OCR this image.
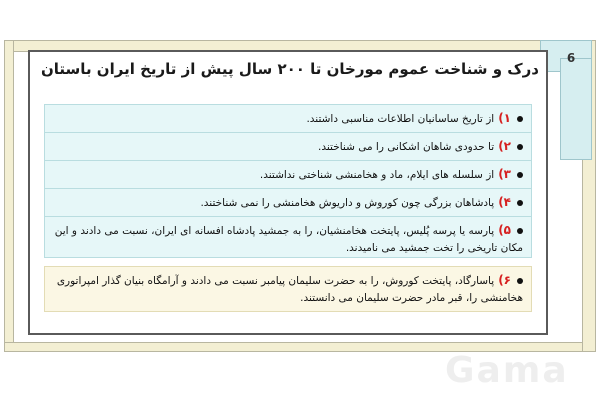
6
درک و شناخت عموم مورخان تا ۲۰۰ سال پیش از تاریخ ایران باستان
۱)از تاریخ ساسانیان اطلاعات مناسبی داشتند.
۲)تا حدودی شاهان اشکانی را می شناختند.
۳)از سلسله های ایلام، ماد و هخامنشی شناختی نداشتند.
۴)پادشاهان بزرگی چون کوروش و داریوش هخامنشی را نمی شناختند.
۵)پارسه یا پرسه پُلیس، پایتخت هخامنشیان، را به جمشید پادشاه افسانه ای ایران، نسبت می دادند و این مکان تاریخی را تخت جمشید می نامیدند.
۶)پاسارگاد، پایتخت کوروش، را به حضرت سلیمان پیامبر نسبت می دادند و آرامگاه بنیان گذار امپراتوری هخامنشی را، قبر مادر حضرت سلیمان می دانستند.
Gama
